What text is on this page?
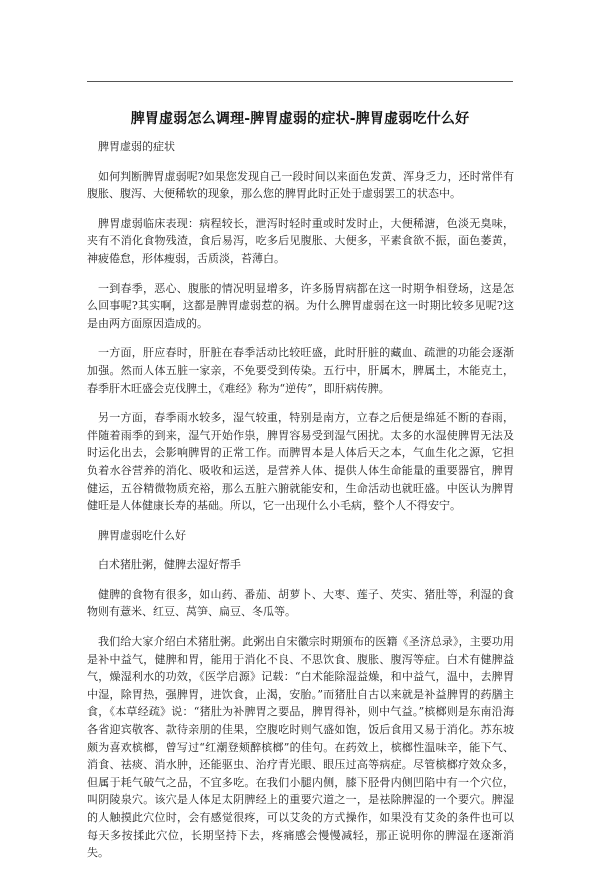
脾胃虚弱怎么调理-脾胃虚弱的症状-脾胃虚弱吃什么好

脾胃虚弱的症状

如何判断脾胃虚弱呢?如果您发现自己一段时间以来面色发黄、浑身乏力，还时常伴有腹胀、腹泻、大便稀软的现象，那么您的脾胃此时正处于虚弱罢工的状态中。

脾胃虚弱临床表现：病程较长，泄泻时轻时重或时发时止，大便稀溏，色淡无臭味，夹有不消化食物残渣，食后易泻，吃多后见腹胀、大便多，平素食欲不振，面色萎黄，神疲倦怠，形体瘦弱，舌质淡，苔薄白。

一到春季，恶心、腹胀的情况明显增多，许多肠胃病都在这一时期争相登场，这是怎么回事呢?其实啊，这都是脾胃虚弱惹的祸。为什么脾胃虚弱在这一时期比较多见呢?这是由两方面原因造成的。

一方面，肝应春时，肝脏在春季活动比较旺盛，此时肝脏的藏血、疏泄的功能会逐渐加强。然而人体五脏一家亲，不免要受到传染。五行中，肝属木，脾属土，木能克土，春季肝木旺盛会克伐脾土，《难经》称为“逆传”，即肝病传脾。

另一方面，春季雨水较多，湿气较重，特别是南方，立春之后便是绵延不断的春雨，伴随着雨季的到来，湿气开始作祟，脾胃容易受到湿气困扰。太多的水湿使脾胃无法及时运化出去，会影响脾胃的正常工作。而脾胃本是人体后天之本，气血生化之源，它担负着水谷营养的消化、吸收和运送，是营养人体、提供人体生命能量的重要器官，脾胃健运，五谷精微物质充裕，那么五脏六腑就能安和，生命活动也就旺盛。中医认为脾胃健旺是人体健康长寿的基础。所以，它一出现什么小毛病，整个人不得安宁。

脾胃虚弱吃什么好

白术猪肚粥，健脾去湿好帮手

健脾的食物有很多，如山药、番茄、胡萝卜、大枣、莲子、芡实、猪肚等，利湿的食物则有薏米、红豆、莴笋、扁豆、冬瓜等。

我们给大家介绍白术猪肚粥。此粥出自宋徽宗时期颁布的医籍《圣济总录》，主要功用是补中益气，健脾和胃，能用于消化不良、不思饮食、腹胀、腹泻等症。白术有健脾益气，燥湿利水的功效，《医学启源》记载：“白术能除湿益燥，和中益气，温中，去脾胃中湿，除胃热，强脾胃，进饮食，止渴，安胎。”而猪肚自古以来就是补益脾胃的药膳主食，《本草经疏》说：“猪肚为补脾胃之要品，脾胃得补，则中气益。”槟榔则是东南沿海各省迎宾敬客、款待亲朋的佳果，空腹吃时则气盛如饱，饭后食用又易于消化。苏东坡颇为喜欢槟榔，曾写过“红潮登颊醉槟榔”的佳句。在药效上，槟榔性温味辛，能下气、消食、祛痰、消水肿，还能驱虫、治疗青光眼、眼压过高等病症。尽管槟榔疗效众多，但属于耗气破气之品，不宜多吃。在我们小腿内侧，膝下胫骨内侧凹陷中有一个穴位，叫阴陵泉穴。该穴是人体足太阴脾经上的重要穴道之一，是祛除脾湿的一个要穴。脾湿的人触摸此穴位时，会有感觉很疼，可以艾灸的方式操作，如果没有艾灸的条件也可以每天多按揉此穴位，长期坚持下去，疼痛感会慢慢减轻，那正说明你的脾湿在逐渐消失。
